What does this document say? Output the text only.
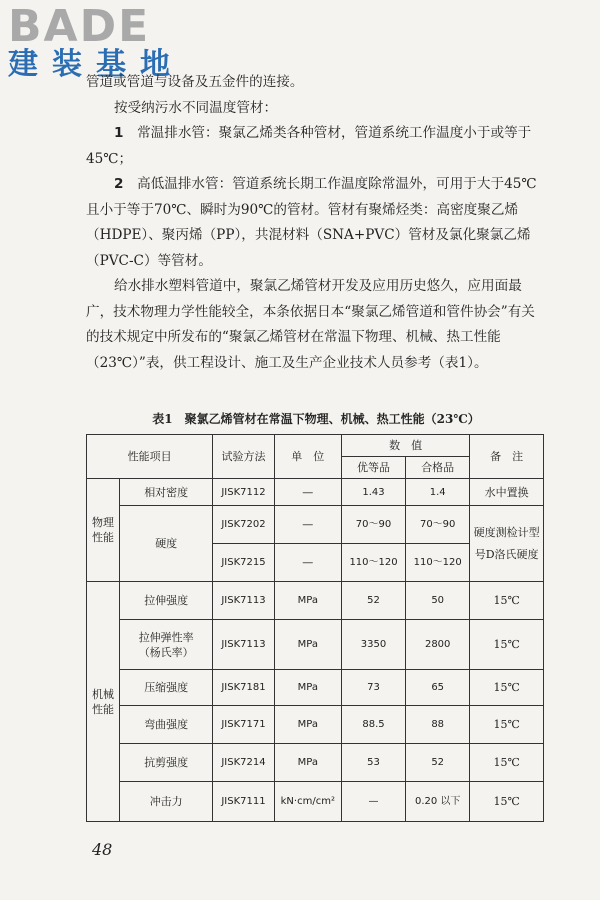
BADE
建装基地

管道或管道与设备及五金件的连接。

按受纳污水不同温度管材：

1　 常温排水管：聚氯乙烯类各种管材，管道系统工作温度小于或等于45℃；

2　 高低温排水管：管道系统长期工作温度除常温外，可用于大于45℃且小于等于70℃、瞬时为90℃的管材。管材有聚烯烃类：高密度聚乙烯（HDPE）、聚丙烯（PP），共混材料（SNA+PVC）管材及氯化聚氯乙烯（PVC-C）等管材。

给水排水塑料管道中，聚氯乙烯管材开发及应用历史悠久，应用面最广，技术物理力学性能较全，本条依据日本“聚氯乙烯管道和管件协会”有关的技术规定中所发布的“聚氯乙烯管材在常温下物理、机械、热工性能（23℃）”表，供工程设计、施工及生产企业技术人员参考（表1）。

表1　聚氯乙烯管材在常温下物理、机械、热工性能（23℃）
性能项目		试验方法	单　位	数　值		备　注
				优等品	合格品	
物理性能	相对密度	JISK7112	—	1.43	1.4	水中置换
	硬度	JISK7202	—	70～90	70～90	硬度测检计型号D洛氏硬度
		JISK7215	—	110～120	110～120	
机械性能	拉伸强度	JISK7113	MPa	52	50	15℃
	拉伸弹性率（杨氏率）	JISK7113	MPa	3350	2800	15℃
	压缩强度	JISK7181	MPa	73	65	15℃
	弯曲强度	JISK7171	MPa	88.5	88	15℃
	抗剪强度	JISK7214	MPa	53	52	15℃
	冲击力	JISK7111	kN·cm/cm²	—	0.20 以下	15℃
48
